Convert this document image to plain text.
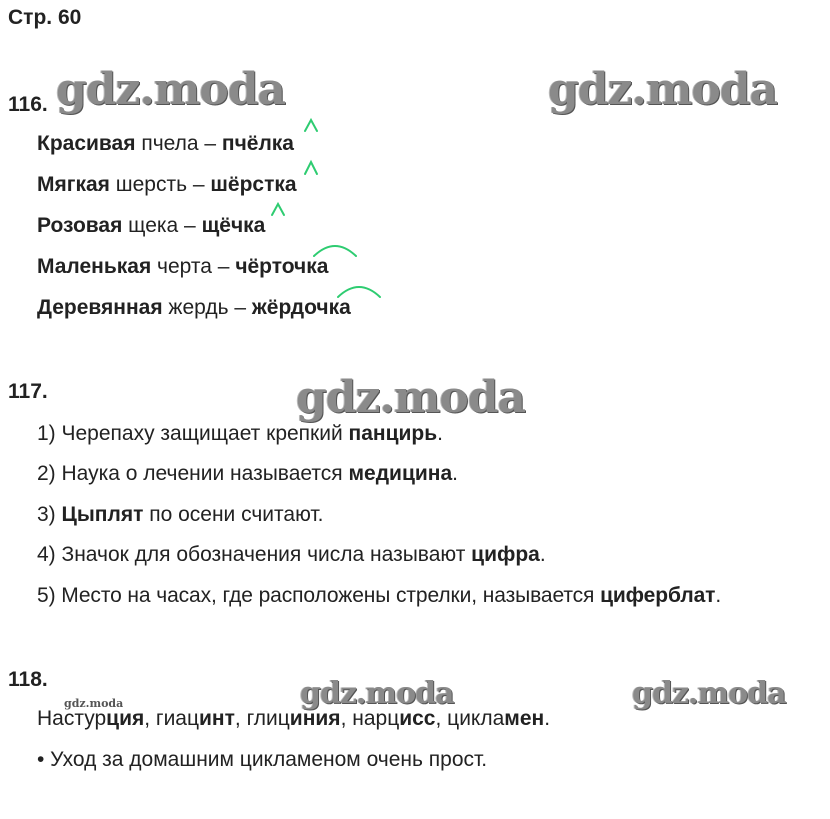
Стр. 60
gdz.moda	gdz.moda
gdz.moda
gdz.moda	gdz.moda
gdz.moda
116.
Красивая пчела – пчёлка
Мягкая шерсть – шёрстка
Розовая щека – щёчка
Маленькая черта – чёрточка
Деревянная жердь – жёрдочка
117.
1) Черепаху защищает крепкий панцирь.
2) Наука о лечении называется медицина.
3) Цыплят по осени считают.
4) Значок для обозначения числа называют цифра.
5) Место на часах, где расположены стрелки, называется циферблат.
118.
Настурция, гиацинт, глициния, нарцисс, цикламен.
• Уход за домашним цикламеном очень прост.
